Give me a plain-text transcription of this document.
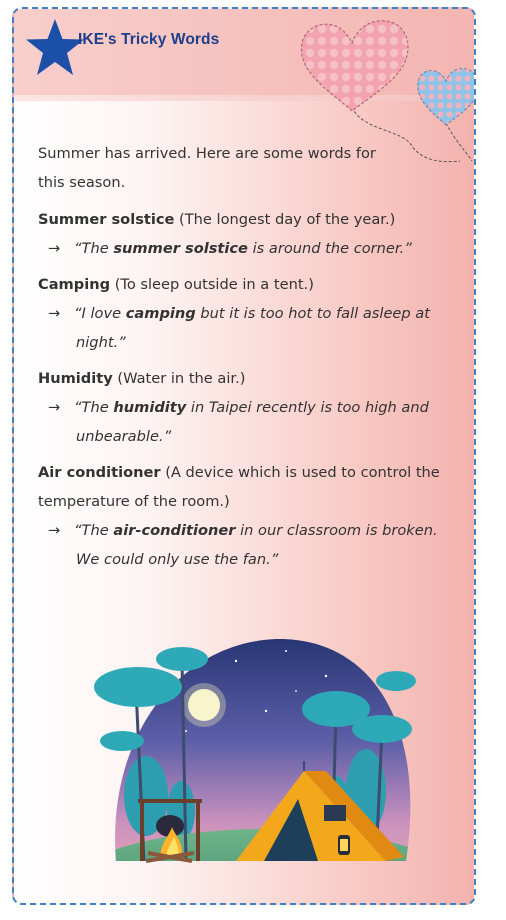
IKE's Tricky Words

Summer has arrived. Here are some words for this season.

Summer solstice (The longest day of the year.)

→ “The summer solstice is around the corner.”

Camping (To sleep outside in a tent.)

→ “I love camping but it is too hot to fall asleep at night.”

Humidity (Water in the air.)

→ “The humidity in Taipei recently is too high and unbearable.”

Air conditioner (A device which is used to control the temperature of the room.)

→ “The air-conditioner in our classroom is broken. We could only use the fan.”
